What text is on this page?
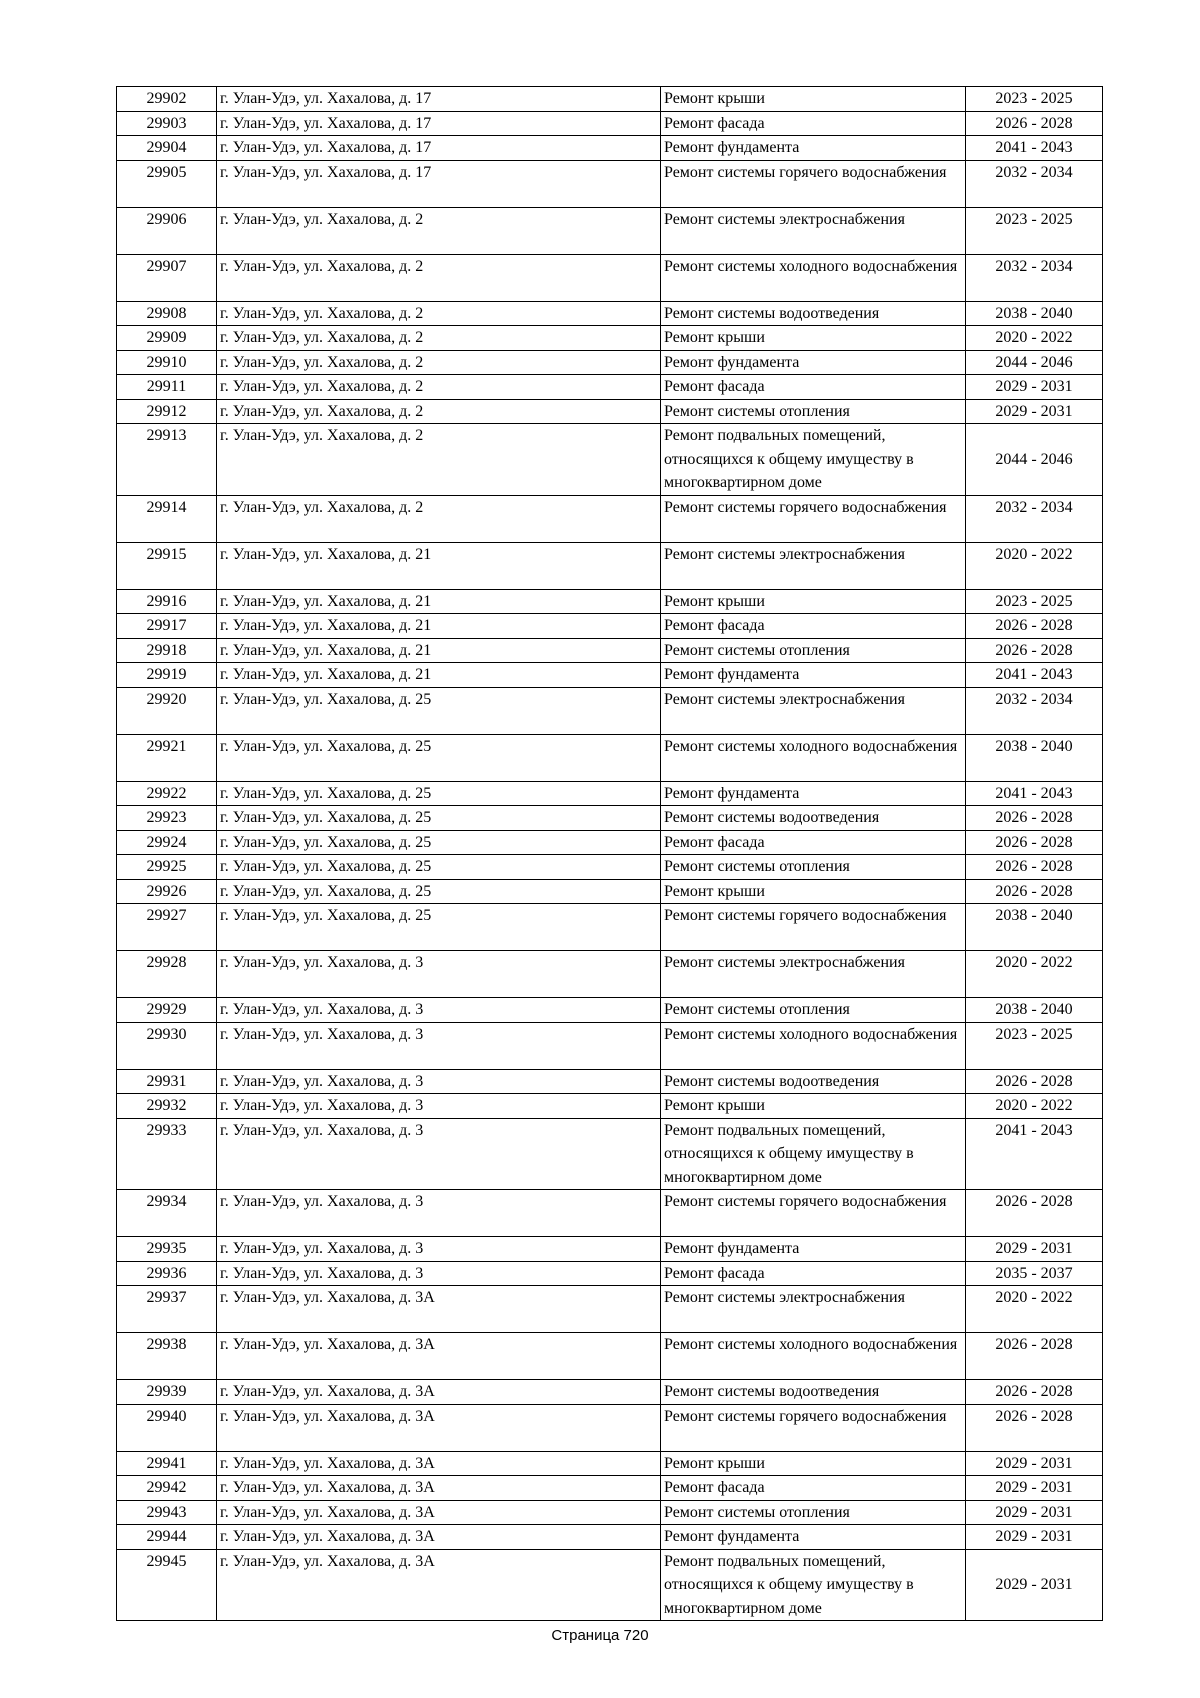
29902	г. Улан-Удэ, ул. Хахалова, д. 17	Ремонт крыши	2023 - 2025
29903	г. Улан-Удэ, ул. Хахалова, д. 17	Ремонт фасада	2026 - 2028
29904	г. Улан-Удэ, ул. Хахалова, д. 17	Ремонт фундамента	2041 - 2043
29905	г. Улан-Удэ, ул. Хахалова, д. 17	Ремонт системы горячего водоснабжения	2032 - 2034
29906	г. Улан-Удэ, ул. Хахалова, д. 2	Ремонт системы электроснабжения	2023 - 2025
29907	г. Улан-Удэ, ул. Хахалова, д. 2	Ремонт системы холодного водоснабжения	2032 - 2034
29908	г. Улан-Удэ, ул. Хахалова, д. 2	Ремонт системы водоотведения	2038 - 2040
29909	г. Улан-Удэ, ул. Хахалова, д. 2	Ремонт крыши	2020 - 2022
29910	г. Улан-Удэ, ул. Хахалова, д. 2	Ремонт фундамента	2044 - 2046
29911	г. Улан-Удэ, ул. Хахалова, д. 2	Ремонт фасада	2029 - 2031
29912	г. Улан-Удэ, ул. Хахалова, д. 2	Ремонт системы отопления	2029 - 2031
29913	г. Улан-Удэ, ул. Хахалова, д. 2	Ремонт подвальных помещений, относящихся к общему имуществу в многоквартирном доме	2044 - 2046
29914	г. Улан-Удэ, ул. Хахалова, д. 2	Ремонт системы горячего водоснабжения	2032 - 2034
29915	г. Улан-Удэ, ул. Хахалова, д. 21	Ремонт системы электроснабжения	2020 - 2022
29916	г. Улан-Удэ, ул. Хахалова, д. 21	Ремонт крыши	2023 - 2025
29917	г. Улан-Удэ, ул. Хахалова, д. 21	Ремонт фасада	2026 - 2028
29918	г. Улан-Удэ, ул. Хахалова, д. 21	Ремонт системы отопления	2026 - 2028
29919	г. Улан-Удэ, ул. Хахалова, д. 21	Ремонт фундамента	2041 - 2043
29920	г. Улан-Удэ, ул. Хахалова, д. 25	Ремонт системы электроснабжения	2032 - 2034
29921	г. Улан-Удэ, ул. Хахалова, д. 25	Ремонт системы холодного водоснабжения	2038 - 2040
29922	г. Улан-Удэ, ул. Хахалова, д. 25	Ремонт фундамента	2041 - 2043
29923	г. Улан-Удэ, ул. Хахалова, д. 25	Ремонт системы водоотведения	2026 - 2028
29924	г. Улан-Удэ, ул. Хахалова, д. 25	Ремонт фасада	2026 - 2028
29925	г. Улан-Удэ, ул. Хахалова, д. 25	Ремонт системы отопления	2026 - 2028
29926	г. Улан-Удэ, ул. Хахалова, д. 25	Ремонт крыши	2026 - 2028
29927	г. Улан-Удэ, ул. Хахалова, д. 25	Ремонт системы горячего водоснабжения	2038 - 2040
29928	г. Улан-Удэ, ул. Хахалова, д. 3	Ремонт системы электроснабжения	2020 - 2022
29929	г. Улан-Удэ, ул. Хахалова, д. 3	Ремонт системы отопления	2038 - 2040
29930	г. Улан-Удэ, ул. Хахалова, д. 3	Ремонт системы холодного водоснабжения	2023 - 2025
29931	г. Улан-Удэ, ул. Хахалова, д. 3	Ремонт системы водоотведения	2026 - 2028
29932	г. Улан-Удэ, ул. Хахалова, д. 3	Ремонт крыши	2020 - 2022
29933	г. Улан-Удэ, ул. Хахалова, д. 3	Ремонт подвальных помещений, относящихся к общему имуществу в многоквартирном доме	2041 - 2043
29934	г. Улан-Удэ, ул. Хахалова, д. 3	Ремонт системы горячего водоснабжения	2026 - 2028
29935	г. Улан-Удэ, ул. Хахалова, д. 3	Ремонт фундамента	2029 - 2031
29936	г. Улан-Удэ, ул. Хахалова, д. 3	Ремонт фасада	2035 - 2037
29937	г. Улан-Удэ, ул. Хахалова, д. 3А	Ремонт системы электроснабжения	2020 - 2022
29938	г. Улан-Удэ, ул. Хахалова, д. 3А	Ремонт системы холодного водоснабжения	2026 - 2028
29939	г. Улан-Удэ, ул. Хахалова, д. 3А	Ремонт системы водоотведения	2026 - 2028
29940	г. Улан-Удэ, ул. Хахалова, д. 3А	Ремонт системы горячего водоснабжения	2026 - 2028
29941	г. Улан-Удэ, ул. Хахалова, д. 3А	Ремонт крыши	2029 - 2031
29942	г. Улан-Удэ, ул. Хахалова, д. 3А	Ремонт фасада	2029 - 2031
29943	г. Улан-Удэ, ул. Хахалова, д. 3А	Ремонт системы отопления	2029 - 2031
29944	г. Улан-Удэ, ул. Хахалова, д. 3А	Ремонт фундамента	2029 - 2031
29945	г. Улан-Удэ, ул. Хахалова, д. 3А	Ремонт подвальных помещений, относящихся к общему имуществу в многоквартирном доме	2029 - 2031
Страница 720
